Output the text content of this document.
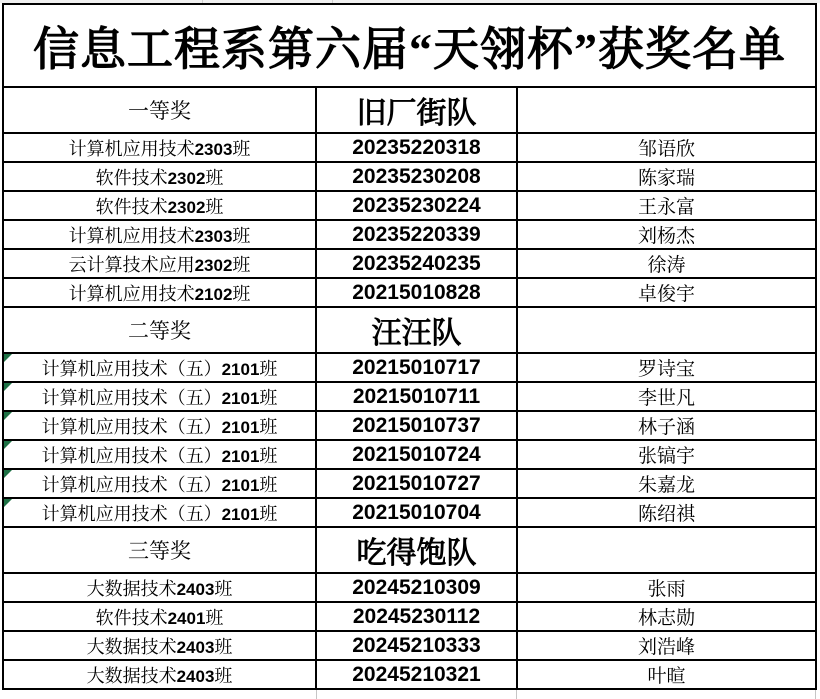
信息工程系第六届“天翎杯”获奖名单		
一等奖	旧厂街队	
计算机应用技术2303班	20235220318	邹语欣
软件技术2302班	20235230208	陈家瑞
软件技术2302班	20235230224	王永富
计算机应用技术2303班	20235220339	刘杨杰
云计算技术应用2302班	20235240235	徐涛
计算机应用技术2102班	20215010828	卓俊宇
二等奖	汪汪队	
计算机应用技术（五）2101班	20215010717	罗诗宝
计算机应用技术（五）2101班	20215010711	李世凡
计算机应用技术（五）2101班	20215010737	林子涵
计算机应用技术（五）2101班	20215010724	张镐宇
计算机应用技术（五）2101班	20215010727	朱嘉龙
计算机应用技术（五）2101班	20215010704	陈绍祺
三等奖	吃得饱队	
大数据技术2403班	20245210309	张雨
软件技术2401班	20245230112	林志勋
大数据技术2403班	20245210333	刘浩峰
大数据技术2403班	20245210321	叶暄
